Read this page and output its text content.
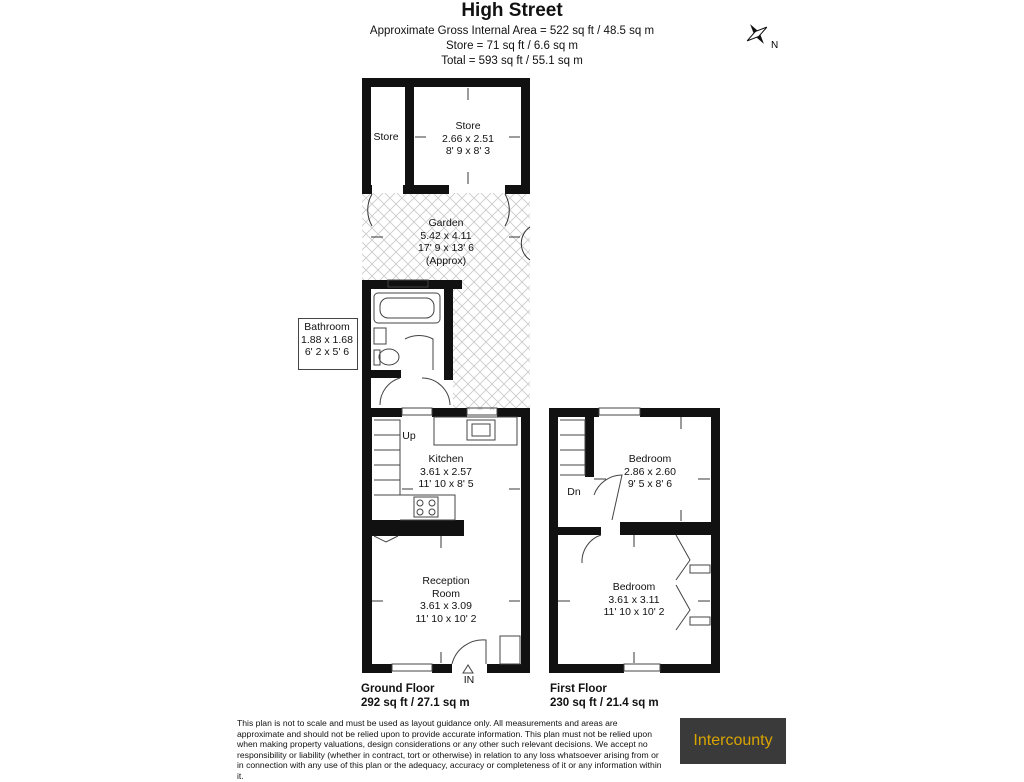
High Street
Approximate Gross Internal Area = 522 sq ft / 48.5 sq m
Store = 71 sq ft / 6.6 sq m
Total = 593 sq ft / 55.1 sq m
N
Store
Store
2.66 x 2.51
8' 9 x 8' 3
Garden
5.42 x 4.11
17' 9 x 13' 6
(Approx)
Bathroom
1.88 x 1.68
6' 2 x 5' 6
Kitchen
3.61 x 2.57
11' 10 x 8' 5
Reception
Room
3.61 x 3.09
11' 10 x 10' 2
Bedroom
2.86 x 2.60
9' 5 x 8' 6
Bedroom
3.61 x 3.11
11' 10 x 10' 2
Up
Dn
IN
Ground Floor
292 sq ft / 27.1 sq m
First Floor
230 sq ft / 21.4 sq m
This plan is not to scale and must be used as layout guidance only. All measurements and areas are approximate and should not be relied upon to provide accurate information. This plan must not be relied upon when making property valuations, design considerations or any other such relevant decisions. We accept no responsibility or liability (whether in contract, tort or otherwise) in relation to any loss whatsoever arising from or in connection with any use of this plan or the adequacy, accuracy or completeness of it or any information within it.
Intercounty
